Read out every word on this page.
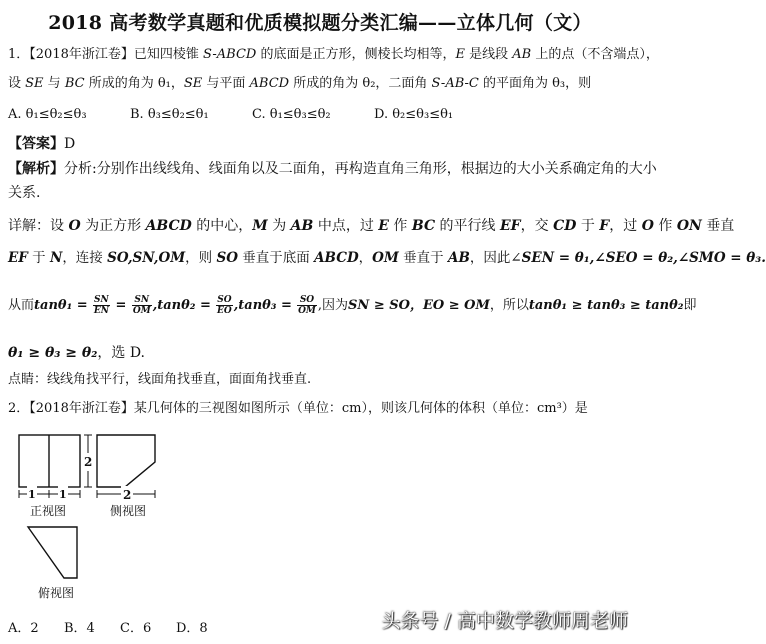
2018 高考数学真题和优质模拟题分类汇编——立体几何（文）
1．【2018年浙江卷】已知四棱锥 S-ABCD 的底面是正方形，侧棱长均相等，E 是线段 AB 上的点（不含端点），
设 SE 与 BC 所成的角为 θ₁，SE 与平面 ABCD 所成的角为 θ₂，二面角 S-AB-C 的平面角为 θ₃，则
A. θ₁≤θ₂≤θ₃	B. θ₃≤θ₂≤θ₁	C. θ₁≤θ₃≤θ₂	D. θ₂≤θ₃≤θ₁
【答案】D
【解析】分析:分别作出线线角、线面角以及二面角，再构造直角三角形，根据边的大小关系确定角的大小
关系.
详解：设 O 为正方形 ABCD 的中心，M 为 AB 中点，过 E 作 BC 的平行线 EF，交 CD 于 F，过 O 作 ON 垂直
EF 于 N，连接 SO,SN,OM，则 SO 垂直于底面 ABCD，OM 垂直于 AB，因此∠SEN = θ₁,∠SEO = θ₂,∠SMO = θ₃.
从而$\tan\theta_1 = \frac{SN}{EN} = \frac{SN}{OM} ,\tan\theta_2 = \frac{SO}{EO} ,\tan\theta_3 = \frac{SO}{OM}$ ,因为SN ≥ SO，EO ≥ OM，所以tanθ₁ ≥ tanθ₃ ≥ tanθ₂即
θ₁ ≥ θ₃ ≥ θ₂，选 D.
点睛：线线角找平行，线面角找垂直，面面角找垂直.
2．【2018年浙江卷】某几何体的三视图如图所示（单位：cm），则该几何体的体积（单位：cm³）是
1 1
2
2
正视图	侧视图
俯视图
A．2 B．4 C．6 D．8	头条号 / 高中数学教师周老师
